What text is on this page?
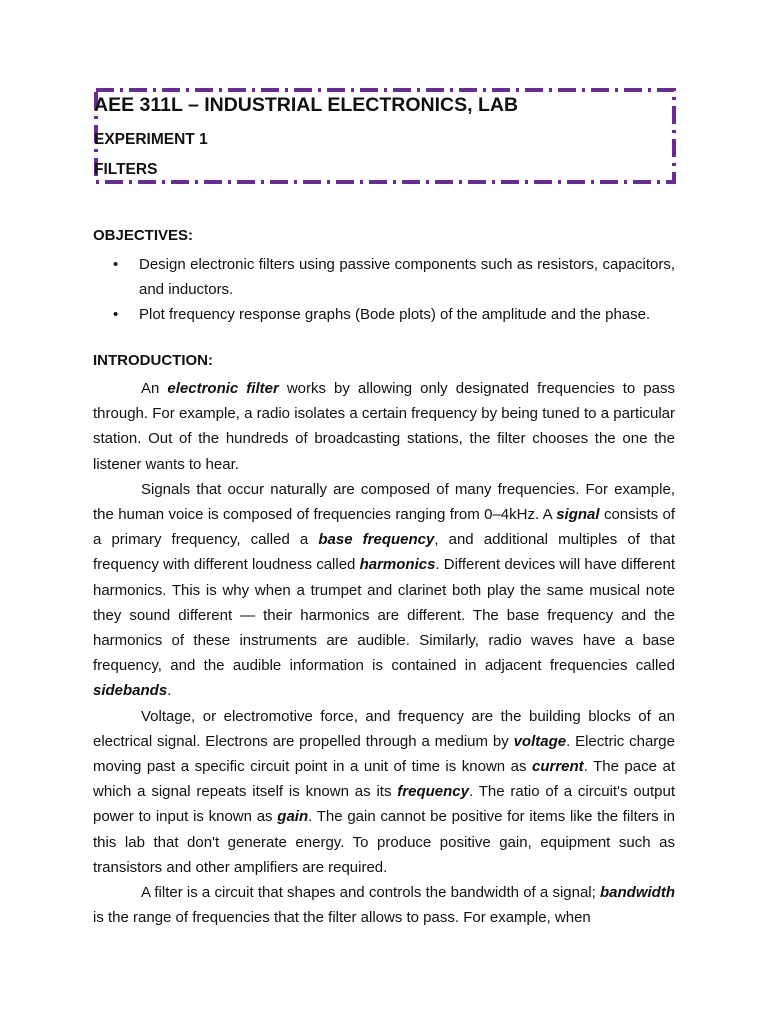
AEE 311L – INDUSTRIAL ELECTRONICS, LAB
EXPERIMENT 1
FILTERS

OBJECTIVES:

• Design electronic filters using passive components such as resistors, capacitors, and inductors.
• Plot frequency response graphs (Bode plots) of the amplitude and the phase.

INTRODUCTION:

An electronic filter works by allowing only designated frequencies to pass through. For example, a radio isolates a certain frequency by being tuned to a particular station. Out of the hundreds of broadcasting stations, the filter chooses the one the listener wants to hear.

Signals that occur naturally are composed of many frequencies. For example, the human voice is composed of frequencies ranging from 0–4kHz. A signal consists of a primary frequency, called a base frequency, and additional multiples of that frequency with different loudness called harmonics. Different devices will have different harmonics. This is why when a trumpet and clarinet both play the same musical note they sound different — their harmonics are different. The base frequency and the harmonics of these instruments are audible. Similarly, radio waves have a base frequency, and the audible information is contained in adjacent frequencies called sidebands.

Voltage, or electromotive force, and frequency are the building blocks of an electrical signal. Electrons are propelled through a medium by voltage. Electric charge moving past a specific circuit point in a unit of time is known as current. The pace at which a signal repeats itself is known as its frequency. The ratio of a circuit's output power to input is known as gain. The gain cannot be positive for items like the filters in this lab that don't generate energy. To produce positive gain, equipment such as transistors and other amplifiers are required.

A filter is a circuit that shapes and controls the bandwidth of a signal; bandwidth is the range of frequencies that the filter allows to pass. For example, when
